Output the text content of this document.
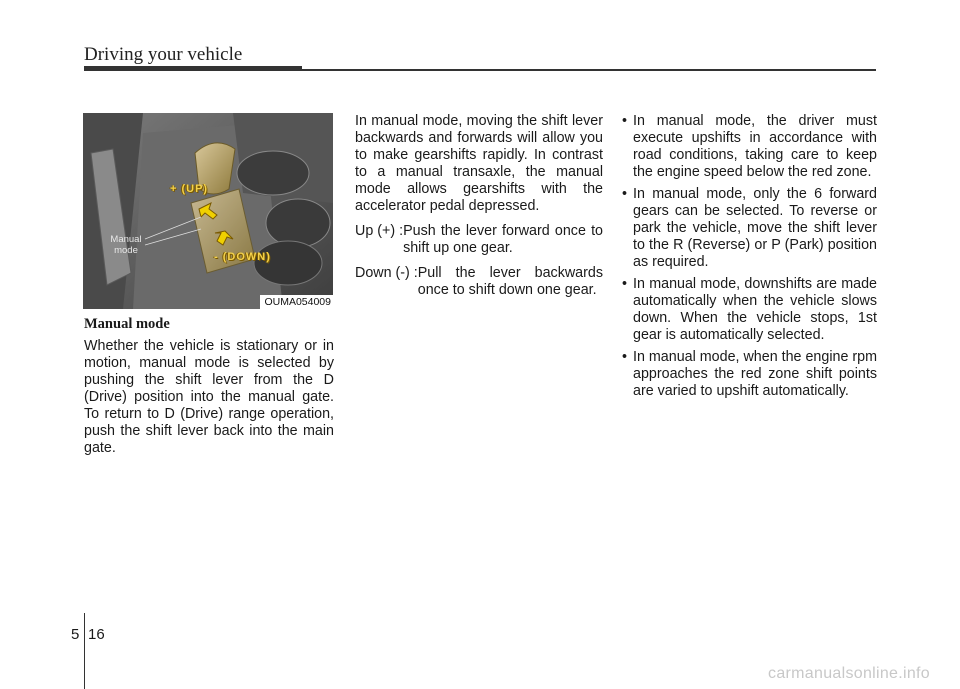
Driving your vehicle
+ (UP)
- (DOWN)
Manual mode
OUMA054009

Manual mode

Whether the vehicle is stationary or in motion, manual mode is selected by pushing the shift lever from the D (Drive) position into the manual gate. To return to D (Drive) range operation, push the shift lever back into the main gate.

In manual mode, moving the shift lever backwards and forwards will allow you to make gearshifts rapidly. In contrast to a manual transaxle, the manual mode allows gearshifts with the accelerator pedal depressed.

Up (+) : Push the lever forward once to shift up one gear.
Down (-) : Pull the lever backwards once to shift down one gear.
• In manual mode, the driver must execute upshifts in accordance with road conditions, taking care to keep the engine speed below the red zone.
• In manual mode, only the 6 forward gears can be selected. To reverse or park the vehicle, move the shift lever to the R (Reverse) or P (Park) position as required.
• In manual mode, downshifts are made automatically when the vehicle slows down. When the vehicle stops, 1st gear is automatically selected.
• In manual mode, when the engine rpm approaches the red zone shift points are varied to upshift automatically.
5 16
carmanualsonline.info
